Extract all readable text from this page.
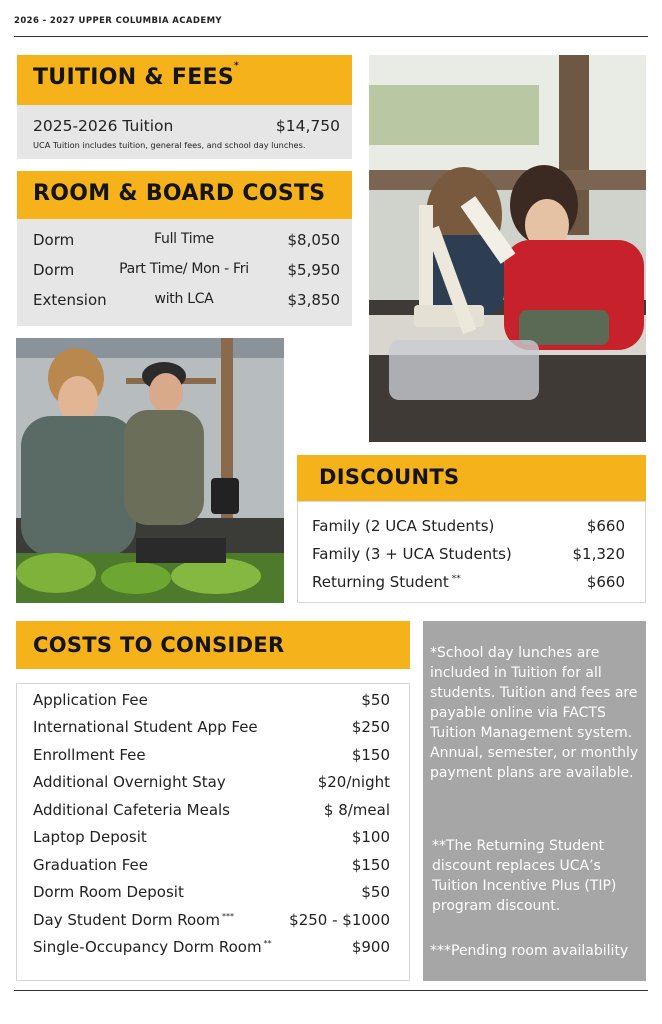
2026 - 2027 UPPER COLUMBIA ACADEMY
TUITION & FEES*
2025-2026 Tuition	$14,750
UCA Tuition includes tuition, general fees, and school day lunches.
ROOM & BOARD COSTS
Dorm	Full Time	$8,050
Dorm	Part Time/ Mon - Fri	$5,950
Extension	with LCA	$3,850
DISCOUNTS
Family (2 UCA Students)	$660
Family (3 + UCA Students)	$1,320
Returning Student **	$660
COSTS TO CONSIDER
Application Fee	$50
International Student App Fee	$250
Enrollment Fee	$150
Additional Overnight Stay	$20/night
Additional Cafeteria Meals	$ 8/meal
Laptop Deposit	$100
Graduation Fee	$150
Dorm Room Deposit	$50
Day Student Dorm Room ***	$250 - $1000
Single-Occupancy Dorm Room **	$900
*School day lunches are included in Tuition for all students. Tuition and fees are payable online via FACTS Tuition Management system. Annual, semester, or monthly payment plans are available.
**The Returning Student discount replaces UCA’s Tuition Incentive Plus (TIP) program discount.
***Pending room availability
